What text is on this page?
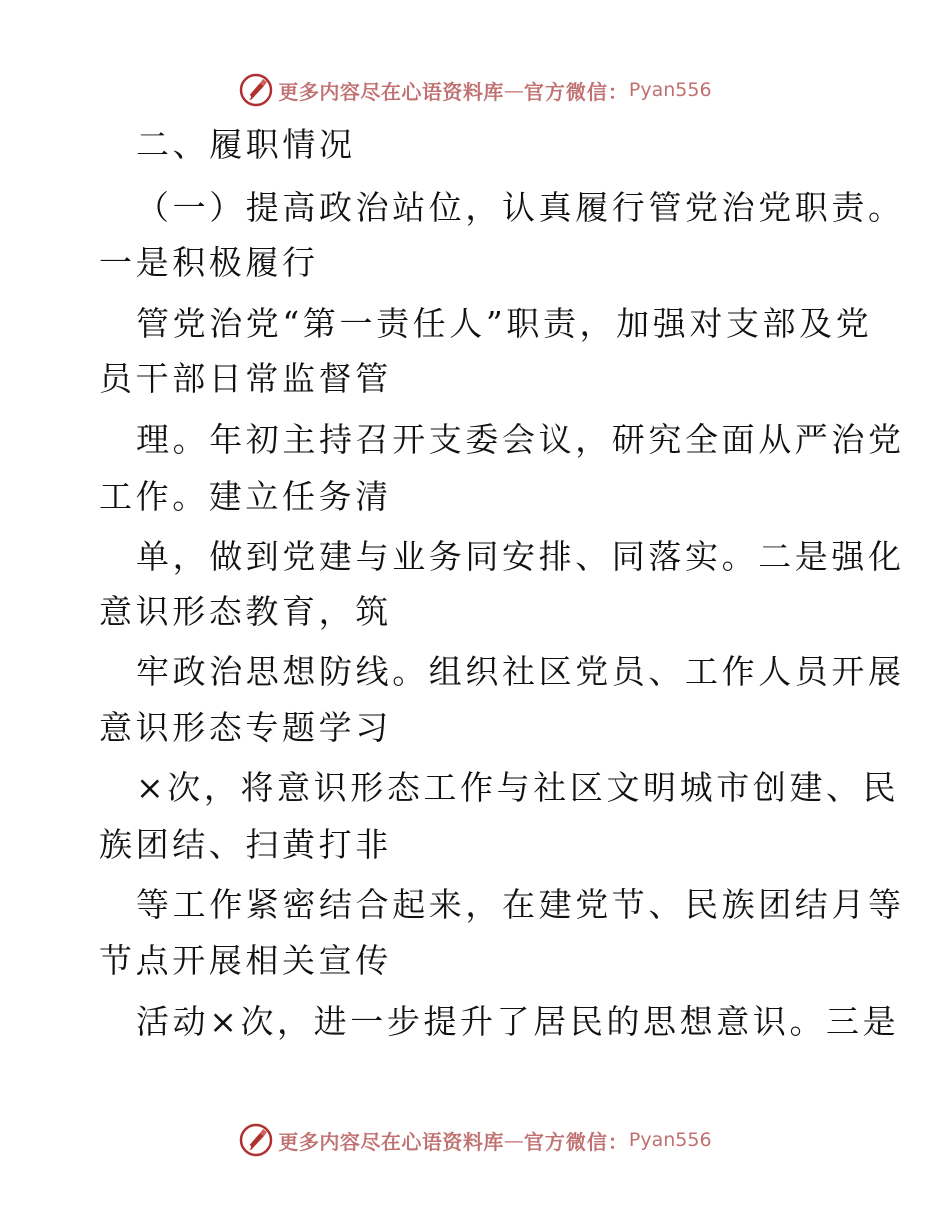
更多内容尽在心语资料库 — 官方微信： Pyan556
二、履职情况
（一）提高政治站位，认真履行管党治党职责。
一是积极履行
管党治党“第一责任人”职责，加强对支部及党
员干部日常监督管
理。年初主持召开支委会议，研究全面从严治党
工作。建立任务清
单，做到党建与业务同安排、同落实。二是强化
意识形态教育，筑
牢政治思想防线。组织社区党员、工作人员开展
意识形态专题学习
×次，将意识形态工作与社区文明城市创建、民
族团结、扫黄打非
等工作紧密结合起来，在建党节、民族团结月等
节点开展相关宣传
活动×次，进一步提升了居民的思想意识。三是
更多内容尽在心语资料库 — 官方微信： Pyan556
